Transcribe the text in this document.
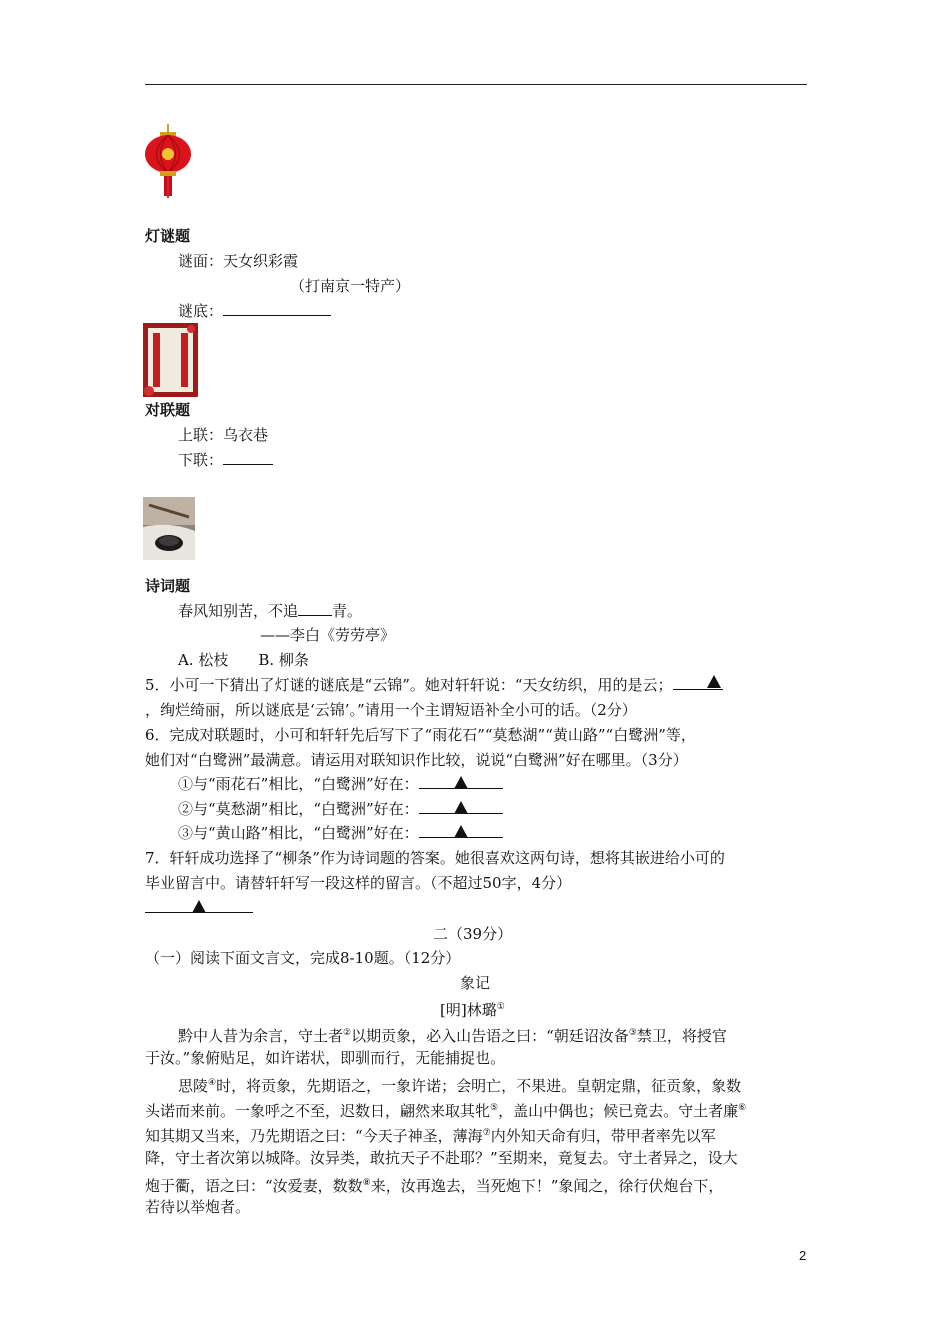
灯谜题
谜面：天女织彩霞
（打南京一特产）
谜底：
对联题
上联：乌衣巷
下联：
诗词题
春风知别苦，不追 青。
——李白《劳劳亭》
A. 松枝　　B. 柳条
5．小可一下猜出了灯谜的谜底是“云锦”。她对轩轩说：“天女纺织，用的是云；
，绚烂绮丽，所以谜底是‘云锦’。”请用一个主谓短语补全小可的话。（2分）
6．完成对联题时，小可和轩轩先后写下了“雨花石”“莫愁湖”“黄山路”“白鹭洲”等，
她们对“白鹭洲”最满意。请运用对联知识作比较，说说“白鹭洲”好在哪里。（3分）
①与“雨花石”相比，“白鹭洲”好在：
②与“莫愁湖”相比，“白鹭洲”好在：
③与“黄山路”相比，“白鹭洲”好在：
7．轩轩成功选择了“柳条”作为诗词题的答案。她很喜欢这两句诗，想将其嵌进给小可的
毕业留言中。请替轩轩写一段这样的留言。（不超过50字，4分）
二（39分）
（一）阅读下面文言文，完成8-10题。（12分）
象记
[明]林璐①
黔中人昔为余言，守土者②以期贡象，必入山告语之曰：“朝廷诏汝备③禁卫，将授官
于汝。”象俯贴足，如许诺状，即驯而行，无能捕捉也。
思陵④时，将贡象，先期语之，一象许诺；会明亡，不果进。皇朝定鼎，征贡象，象数
头诺而来前。一象呼之不至，迟数日，翩然来取其牝⑤，盖山中偶也；候已竟去。守土者廉⑥
知其期又当来，乃先期语之曰：“今天子神圣，薄海⑦内外知天命有归，带甲者率先以军
降，守土者次第以城降。汝异类，敢抗天子不赴耶？”至期来，竟复去。守土者异之，设大
炮于衢，语之曰：“汝爱妻，数数⑧来，汝再逸去，当死炮下！”象闻之，徐行伏炮台下，
若待以举炮者。
2
